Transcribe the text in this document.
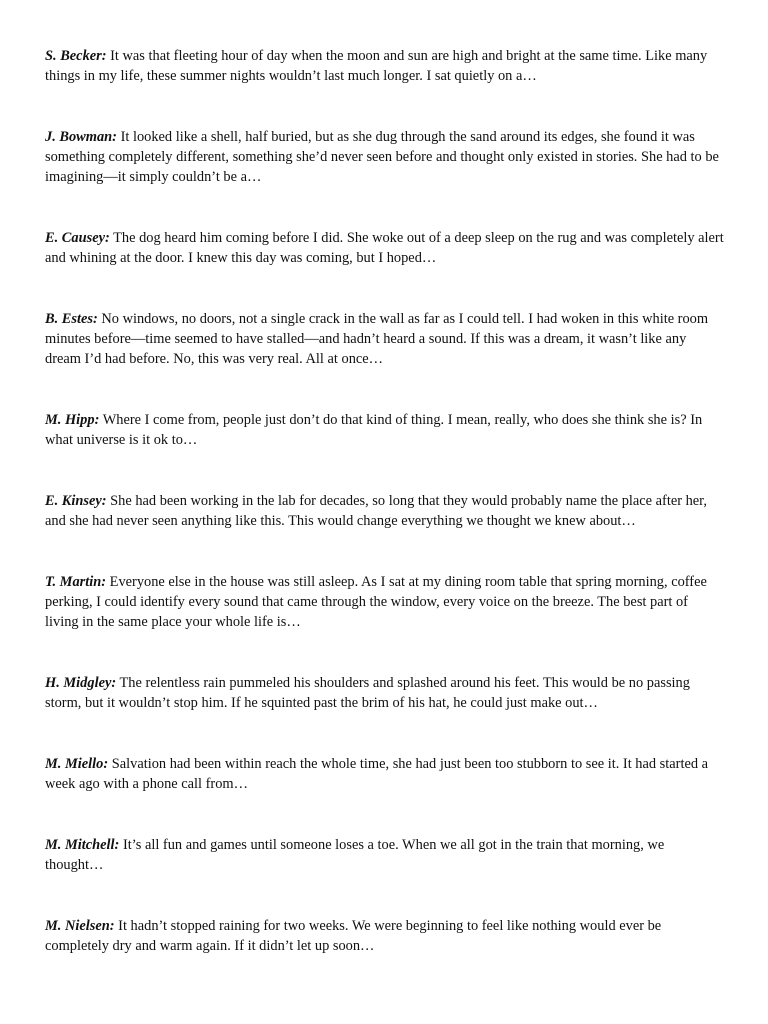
S. Becker: It was that fleeting hour of day when the moon and sun are high and bright at the same time. Like many things in my life, these summer nights wouldn’t last much longer. I sat quietly on a…

J. Bowman: It looked like a shell, half buried, but as she dug through the sand around its edges, she found it was something completely different, something she’d never seen before and thought only existed in stories. She had to be imagining—it simply couldn’t be a…

E. Causey: The dog heard him coming before I did. She woke out of a deep sleep on the rug and was completely alert and whining at the door. I knew this day was coming, but I hoped…

B. Estes: No windows, no doors, not a single crack in the wall as far as I could tell. I had woken in this white room minutes before—time seemed to have stalled—and hadn’t heard a sound. If this was a dream, it wasn’t like any dream I’d had before. No, this was very real. All at once…

M. Hipp: Where I come from, people just don’t do that kind of thing. I mean, really, who does she think she is? In what universe is it ok to…

E. Kinsey: She had been working in the lab for decades, so long that they would probably name the place after her, and she had never seen anything like this. This would change everything we thought we knew about…

T. Martin: Everyone else in the house was still asleep. As I sat at my dining room table that spring morning, coffee perking, I could identify every sound that came through the window, every voice on the breeze. The best part of living in the same place your whole life is…

H. Midgley: The relentless rain pummeled his shoulders and splashed around his feet. This would be no passing storm, but it wouldn’t stop him. If he squinted past the brim of his hat, he could just make out…

M. Miello: Salvation had been within reach the whole time, she had just been too stubborn to see it. It had started a week ago with a phone call from…

M. Mitchell: It’s all fun and games until someone loses a toe. When we all got in the train that morning, we thought…

M. Nielsen: It hadn’t stopped raining for two weeks. We were beginning to feel like nothing would ever be completely dry and warm again. If it didn’t let up soon…
